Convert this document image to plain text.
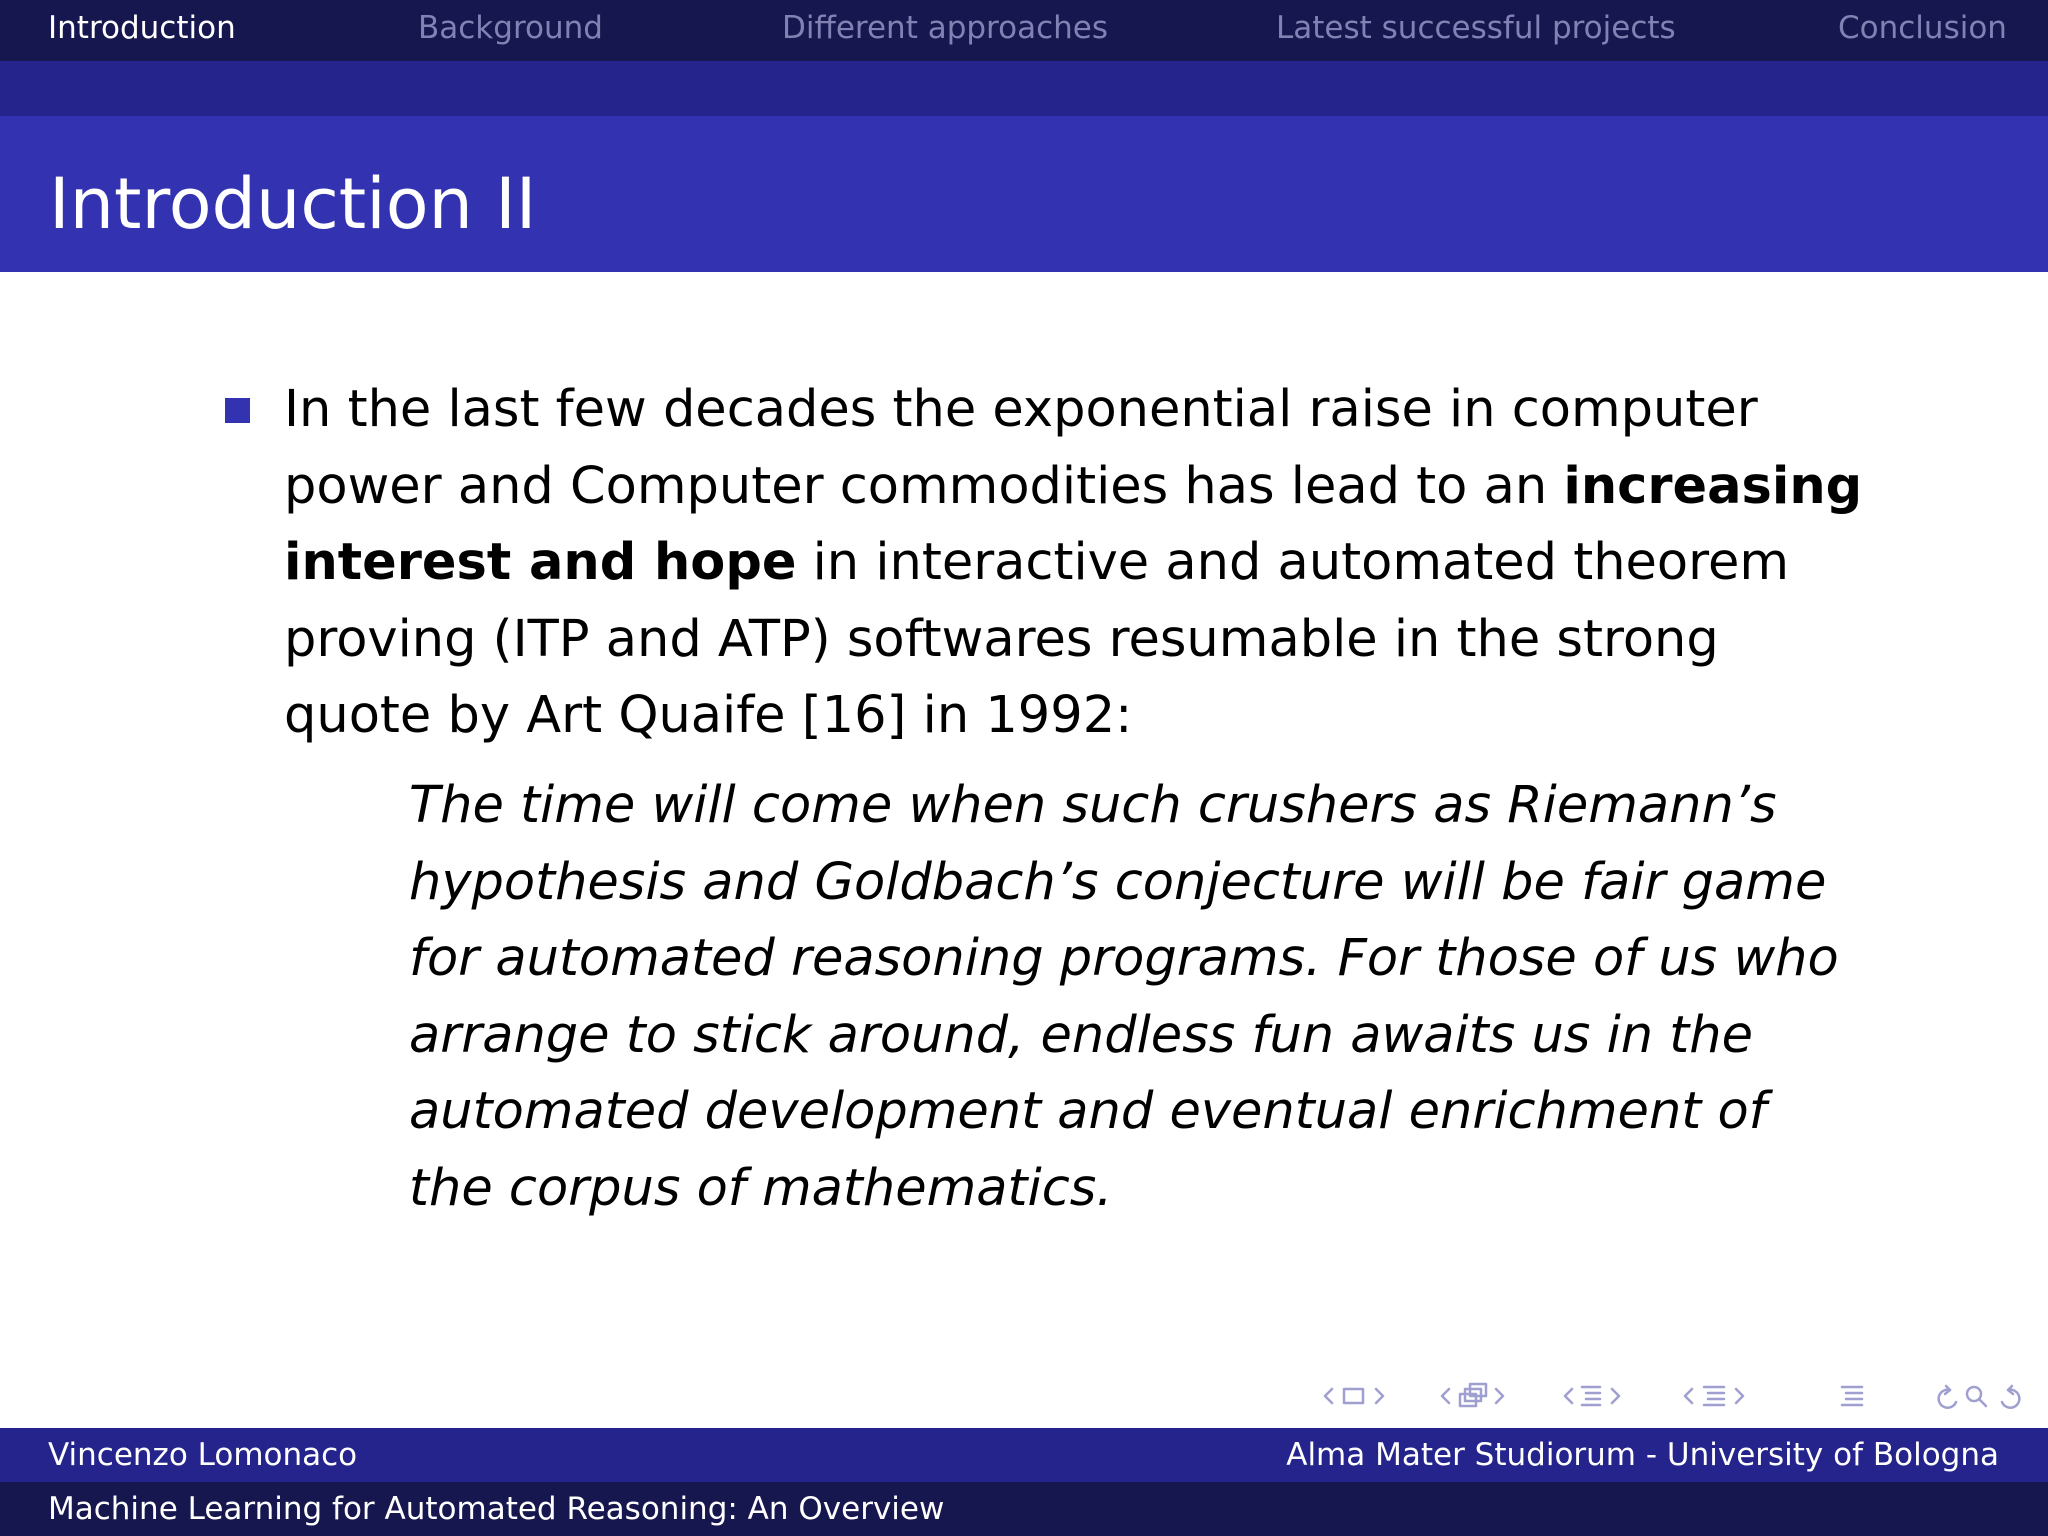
Introduction	Background	Different approaches	Latest successful projects	Conclusion
Introduction II
In the last few decades the exponential raise in computer power and Computer commodities has lead to an increasing interest and hope in interactive and automated theorem proving (ITP and ATP) softwares resumable in the strong quote by Art Quaife [16] in 1992:
The time will come when such crushers as Riemann’s hypothesis and Goldbach’s conjecture will be fair game for automated reasoning programs. For those of us who arrange to stick around, endless fun awaits us in the automated development and eventual enrichment of the corpus of mathematics.
Vincenzo Lomonaco	Alma Mater Studiorum - University of Bologna
Machine Learning for Automated Reasoning: An Overview
